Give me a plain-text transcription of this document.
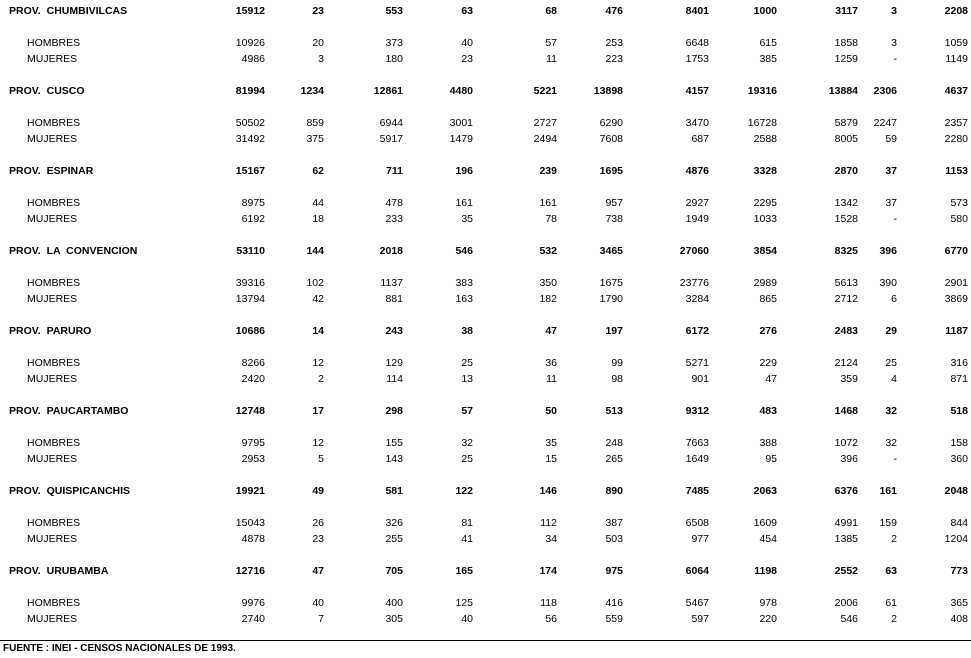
PROV. CHUMBIVILCAS	15912	23	553	63	68	476	8401	1000	3117	3	2208
HOMBRES	10926	20	373	40	57	253	6648	615	1858	3	1059
MUJERES	4986	3	180	23	11	223	1753	385	1259	-	1149
PROV. CUSCO	81994	1234	12861	4480	5221	13898	4157	19316	13884	2306	4637
HOMBRES	50502	859	6944	3001	2727	6290	3470	16728	5879	2247	2357
MUJERES	31492	375	5917	1479	2494	7608	687	2588	8005	59	2280
PROV. ESPINAR	15167	62	711	196	239	1695	4876	3328	2870	37	1153
HOMBRES	8975	44	478	161	161	957	2927	2295	1342	37	573
MUJERES	6192	18	233	35	78	738	1949	1033	1528	-	580
PROV. LA CONVENCION	53110	144	2018	546	532	3465	27060	3854	8325	396	6770
HOMBRES	39316	102	1137	383	350	1675	23776	2989	5613	390	2901
MUJERES	13794	42	881	163	182	1790	3284	865	2712	6	3869
PROV. PARURO	10686	14	243	38	47	197	6172	276	2483	29	1187
HOMBRES	8266	12	129	25	36	99	5271	229	2124	25	316
MUJERES	2420	2	114	13	11	98	901	47	359	4	871
PROV. PAUCARTAMBO	12748	17	298	57	50	513	9312	483	1468	32	518
HOMBRES	9795	12	155	32	35	248	7663	388	1072	32	158
MUJERES	2953	5	143	25	15	265	1649	95	396	-	360
PROV. QUISPICANCHIS	19921	49	581	122	146	890	7485	2063	6376	161	2048
HOMBRES	15043	26	326	81	112	387	6508	1609	4991	159	844
MUJERES	4878	23	255	41	34	503	977	454	1385	2	1204
PROV. URUBAMBA	12716	47	705	165	174	975	6064	1198	2552	63	773
HOMBRES	9976	40	400	125	118	416	5467	978	2006	61	365
MUJERES	2740	7	305	40	56	559	597	220	546	2	408
FUENTE : INEI - CENSOS NACIONALES DE 1993.
